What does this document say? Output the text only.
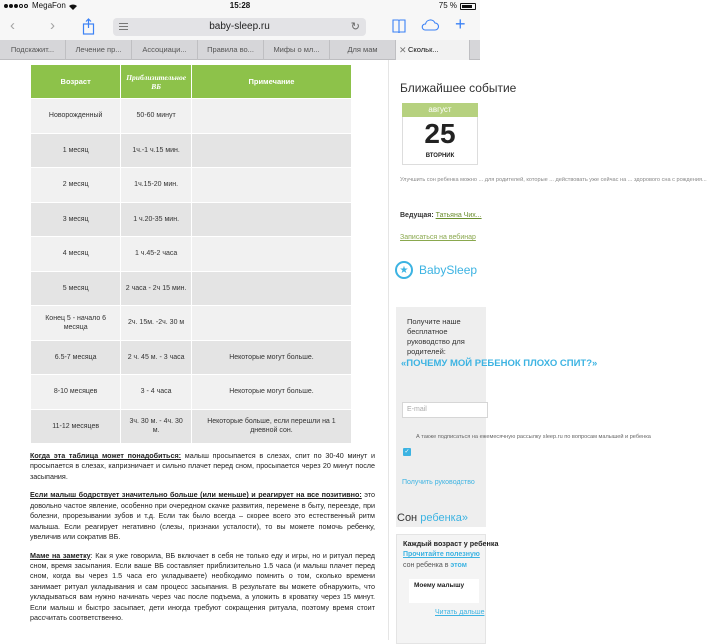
MegaFon	15:28	75 %
‹ ›	baby-sleep.ru	↻	+
Подскажит...	Лечение пр...	Ассоциаци...	Правила во...	Мифы о мл...	Для мам	✕ Скольк...
Возраст	Приблизительное ВБ	Примечание
Новорожденный	50-60 минут	
1 месяц	1ч.-1 ч.15 мин.	
2 месяц	1ч.15-20 мин.	
3 месяц	1 ч.20-35 мин.	
4 месяц	1 ч.45-2 часа	
5 месяц	2 часа - 2ч 15 мин.	
Конец 5 - начало 6 месяца	2ч. 15м. -2ч. 30 м	
6.5-7 месяца	2 ч. 45 м. - 3 часа	Некоторые могут больше.
8-10 месяцев	3 - 4 часа	Некоторые могут больше.
11-12 месяцев	3ч. 30 м. - 4ч. 30 м.	Некоторые больше, если перешли на 1 дневной сон.

Когда эта таблица может понадобиться: малыш просыпается в слезах, спит по 30-40 минут и просыпается в слезах, капризничает и сильно плачет перед сном, просыпается через 20 минут после засыпания.

Если малыш бодрствует значительно больше (или меньше) и реагирует на все позитивно: это довольно частое явление, особенно при очередном скачке развития, перемене в быту, переезде, при болезни, прорезывании зубов и т.д. Если так было всегда – скорее всего это естественный ритм малыша. Если реагирует негативно (слезы, признаки усталости), то вы можете помочь ребенку, увеличив или сократив ВБ.

Маме на заметку: Как я уже говорила, ВБ включает в себя не только еду и игры, но и ритуал перед сном, время засыпания. Если ваше ВБ составляет приблизительно 1.5 часа (и малыш плачет перед сном, когда вы через 1.5 часа его укладываете) необходимо помнить о том, сколько времени занимает ритуал укладывания и сам процесс засыпания. В результате вы можете обнаружить, что укладываться вам нужно начинать через час после подъема, а уложить в кроватку через 15 минут. Если малыш и быстро засыпает, дети иногда требуют сокращения ритуала, поэтому время стоит рассчитать соответственно.

Ближайшее событие
август
25
ВТОРНИК
Улучшить сон ребенка можно ... для родителей, которые ... действовать уже сейчас на ... здорового сна с рождения...
Ведущая: Татьяна Чих...
Записаться на вебинар
★ BabySleep
Получите наше бесплатное руководство для родителей:
«ПОЧЕМУ МОЙ РЕБЕНОК ПЛОХО СПИТ?»
E-mail
✓
А также подписаться на ежемесячную рассылку sleep.ru по вопросам малышей и ребенка
Получить руководство
Сон ребенка»
Каждый возраст у ребенка
Прочитайте полезную
сон ребенка в этом
Моему малышу
Читать дальше
